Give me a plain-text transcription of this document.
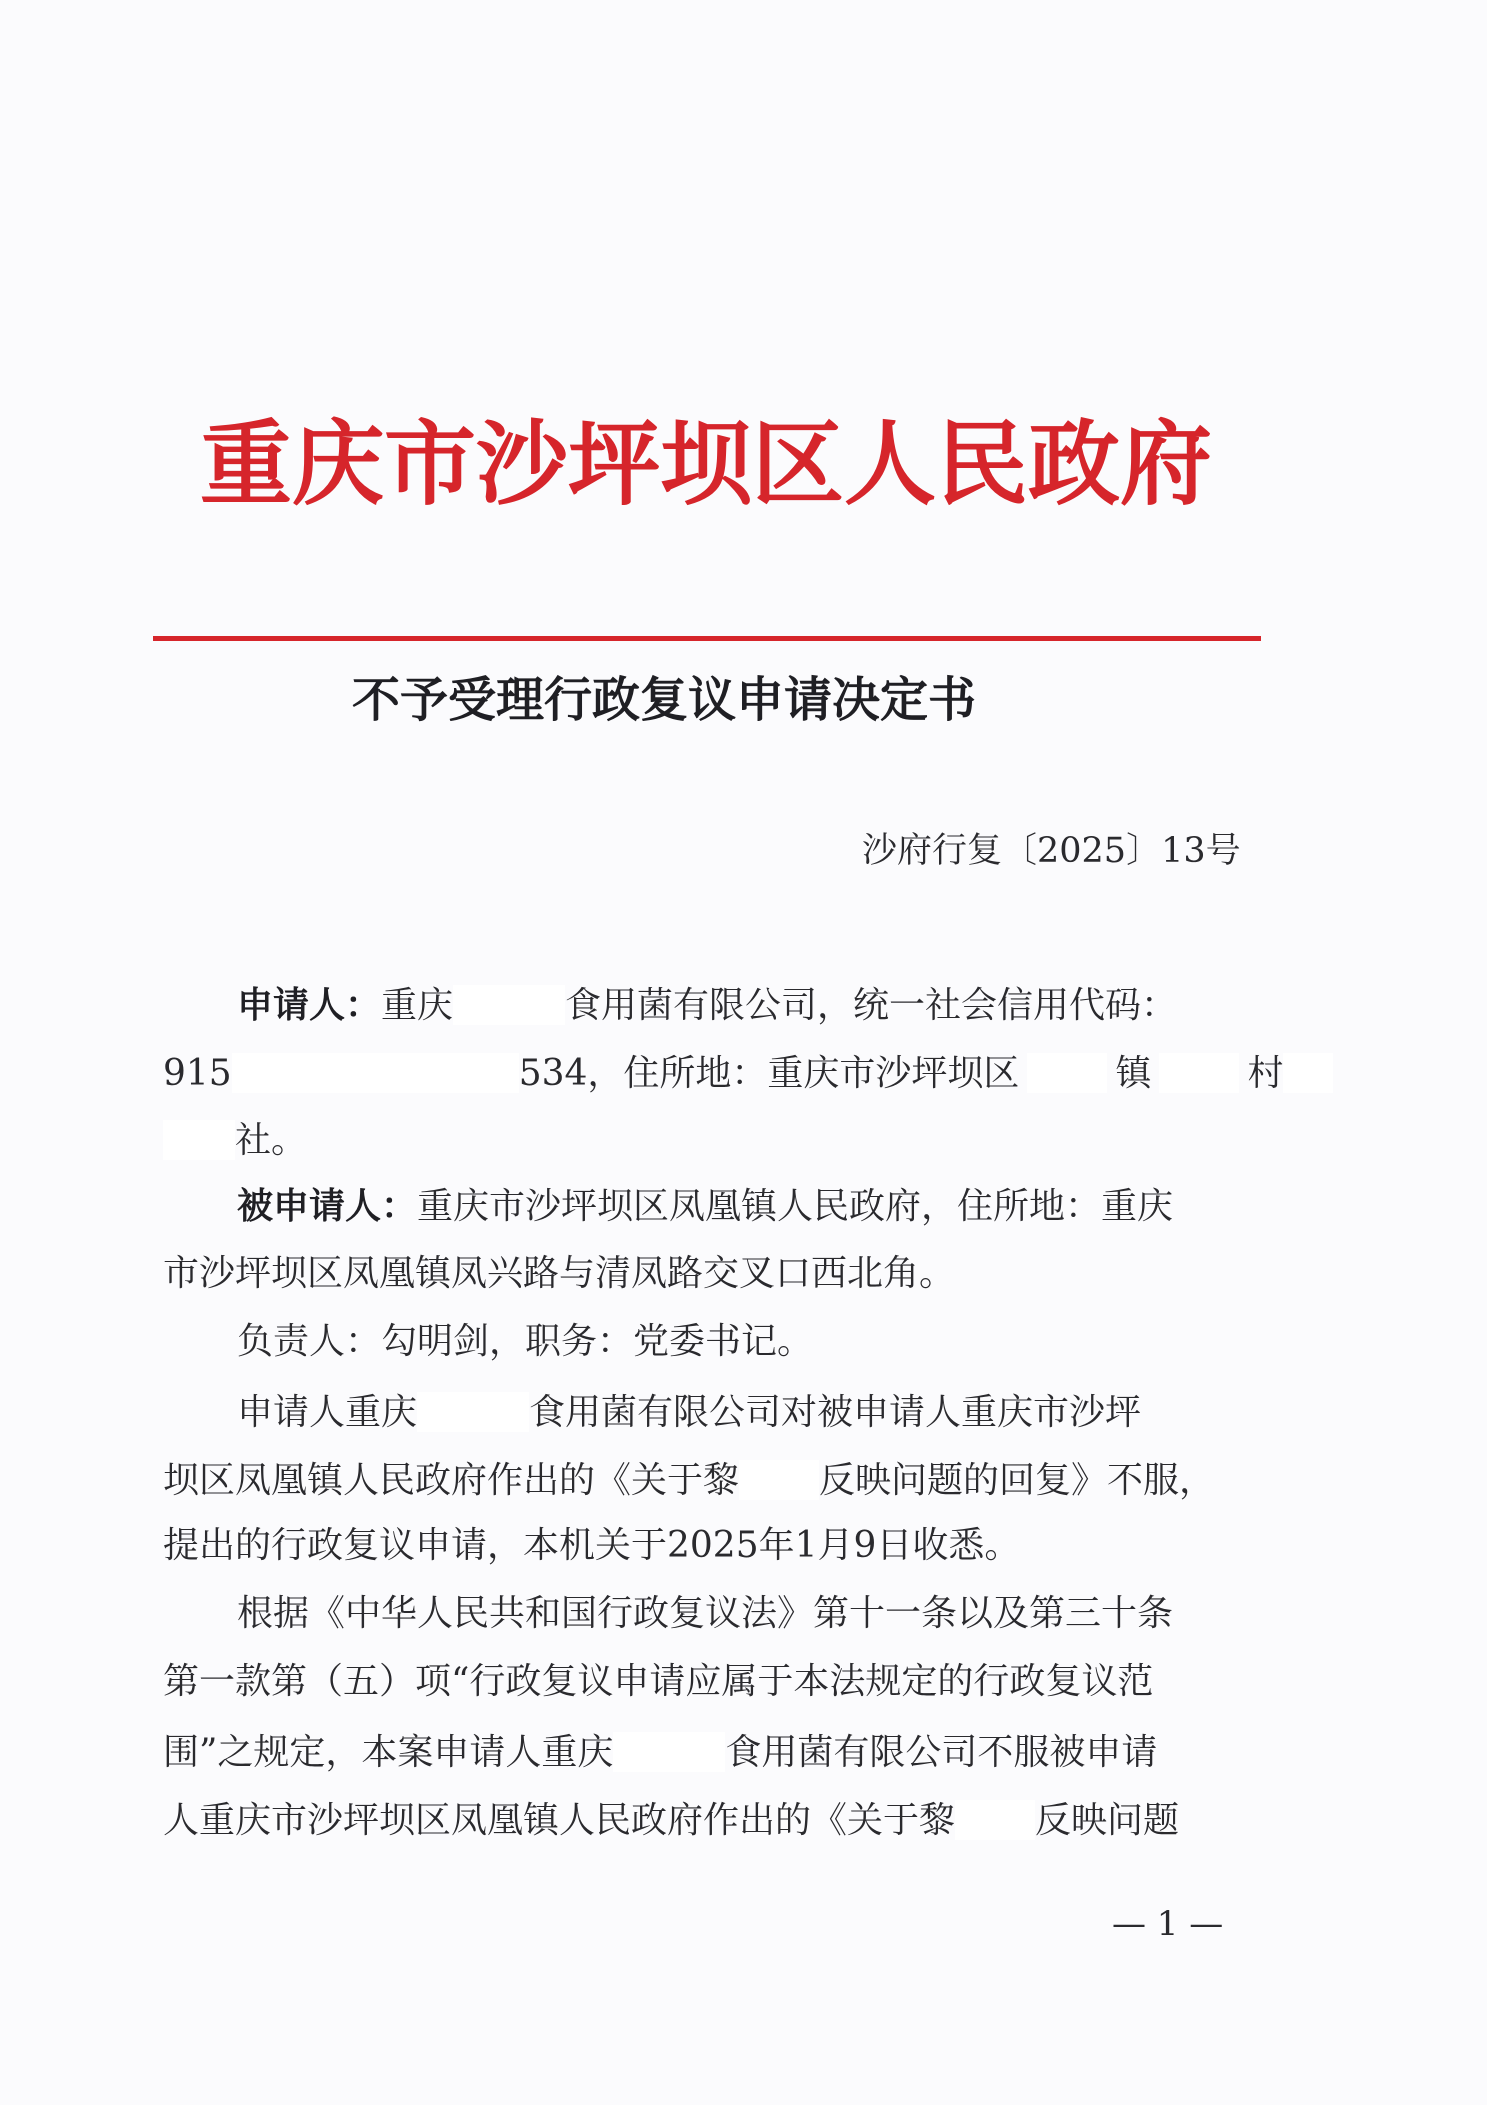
重庆市沙坪坝区人民政府
不予受理行政复议申请决定书
沙府行复〔2025〕13号
申请人：重庆	食用菌有限公司，统一社会信用代码：
915	534，住所地：重庆市沙坪坝区	镇	村
社。
被申请人：重庆市沙坪坝区凤凰镇人民政府，住所地：重庆
市沙坪坝区凤凰镇凤兴路与清凤路交叉口西北角。
负责人：勾明剑，职务：党委书记。
申请人重庆	食用菌有限公司对被申请人重庆市沙坪
坝区凤凰镇人民政府作出的《关于黎 反映问题的回复》不服，
提出的行政复议申请，本机关于2025年1月9日收悉。
根据《中华人民共和国行政复议法》第十一条以及第三十条
第一款第（五）项“行政复议申请应属于本法规定的行政复议范
围”之规定，本案申请人重庆	食用菌有限公司不服被申请
人重庆市沙坪坝区凤凰镇人民政府作出的《关于黎 反映问题
— 1 —
